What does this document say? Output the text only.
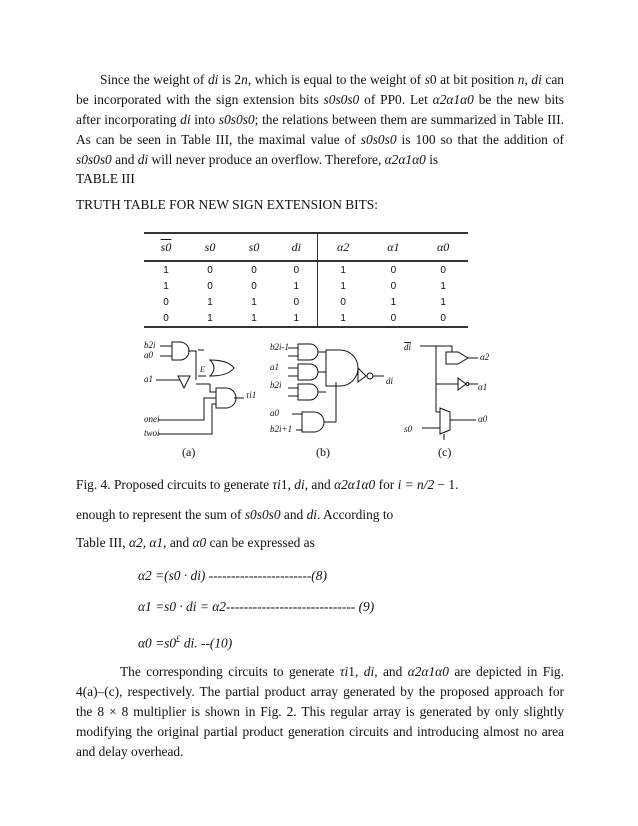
Since the weight of di is 2n, which is equal to the weight of s0 at bit position n, di can be incorporated with the sign extension bits s0s0s0 of PP0. Let α2α1α0 be the new bits after incorporating di into s0s0s0; the relations between them are summarized in Table III. As can be seen in Table III, the maximal value of s0s0s0 is 100 so that the addition of s0s0s0 and di will never produce an overflow. Therefore, α2α1α0 is
TABLE III
TRUTH TABLE FOR NEW SIGN EXTENSION BITS:
s0	s0	s0	di	α2	α1	α0
1	0	0	0	1	0	0
1	0	0	1	1	0	1
0	1	1	0	0	1	1
0	1	1	1	1	0	0
b2i
a0
a1
E
τi1
onei
twoi
(a)
b2i-1
a1
b2i
a0
b2i+1
di
(b)
di
s0
α2
α1
α0
(c)
Fig. 4. Proposed circuits to generate τi1, di, and α2α1α0 for i = n/2 − 1.
enough to represent the sum of s0s0s0 and di. According to
Table III, α2, α1, and α0 can be expressed as
α2 =(s0 · di) -----------------------(8)
α1 =s0 · di = α2----------------------------- (9)
α0 =s0£ di. --(10)
The corresponding circuits to generate τi1, di, and α2α1α0 are depicted in Fig. 4(a)–(c), respectively. The partial product array generated by the proposed approach for the 8 × 8 multiplier is shown in Fig. 2. This regular array is generated by only slightly modifying the original partial product generation circuits and introducing almost no area and delay overhead.
